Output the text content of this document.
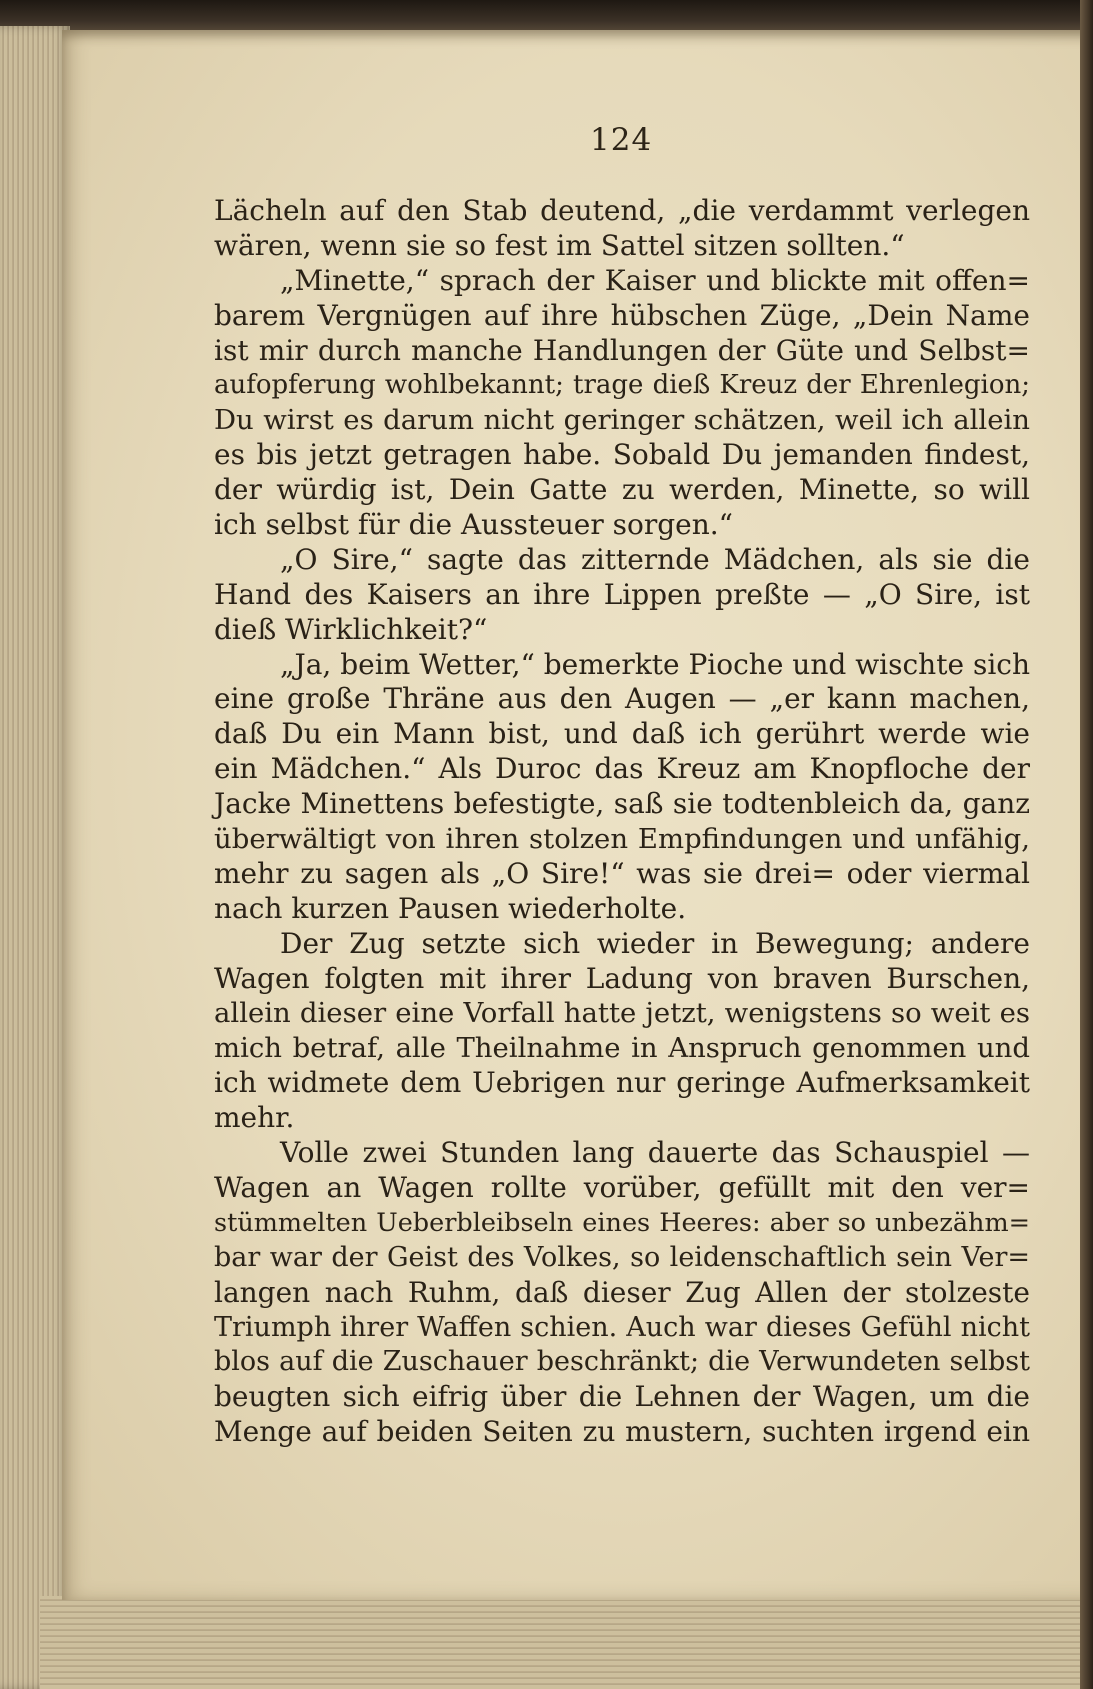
124
Lächeln auf den Stab deutend, „die verdammt verlegen
wären, wenn sie so fest im Sattel sitzen sollten.“
„Minette,“ sprach der Kaiser und blickte mit offen=
barem Vergnügen auf ihre hübschen Züge, „Dein Name
ist mir durch manche Handlungen der Güte und Selbst=
aufopferung wohlbekannt; trage dieß Kreuz der Ehrenlegion;
Du wirst es darum nicht geringer schätzen, weil ich allein
es bis jetzt getragen habe. Sobald Du jemanden findest,
der würdig ist, Dein Gatte zu werden, Minette, so will
ich selbst für die Aussteuer sorgen.“
„O Sire,“ sagte das zitternde Mädchen, als sie die
Hand des Kaisers an ihre Lippen preßte — „O Sire, ist
dieß Wirklichkeit?“
„Ja, beim Wetter,“ bemerkte Pioche und wischte sich
eine große Thräne aus den Augen — „er kann machen,
daß Du ein Mann bist, und daß ich gerührt werde wie
ein Mädchen.“ Als Duroc das Kreuz am Knopfloche der
Jacke Minettens befestigte, saß sie todtenbleich da, ganz
überwältigt von ihren stolzen Empfindungen und unfähig,
mehr zu sagen als „O Sire!“ was sie drei= oder viermal
nach kurzen Pausen wiederholte.
Der Zug setzte sich wieder in Bewegung; andere
Wagen folgten mit ihrer Ladung von braven Burschen,
allein dieser eine Vorfall hatte jetzt, wenigstens so weit es
mich betraf, alle Theilnahme in Anspruch genommen und
ich widmete dem Uebrigen nur geringe Aufmerksamkeit
mehr.
Volle zwei Stunden lang dauerte das Schauspiel —
Wagen an Wagen rollte vorüber, gefüllt mit den ver=
stümmelten Ueberbleibseln eines Heeres: aber so unbezähm=
bar war der Geist des Volkes, so leidenschaftlich sein Ver=
langen nach Ruhm, daß dieser Zug Allen der stolzeste
Triumph ihrer Waffen schien. Auch war dieses Gefühl nicht
blos auf die Zuschauer beschränkt; die Verwundeten selbst
beugten sich eifrig über die Lehnen der Wagen, um die
Menge auf beiden Seiten zu mustern, suchten irgend ein
